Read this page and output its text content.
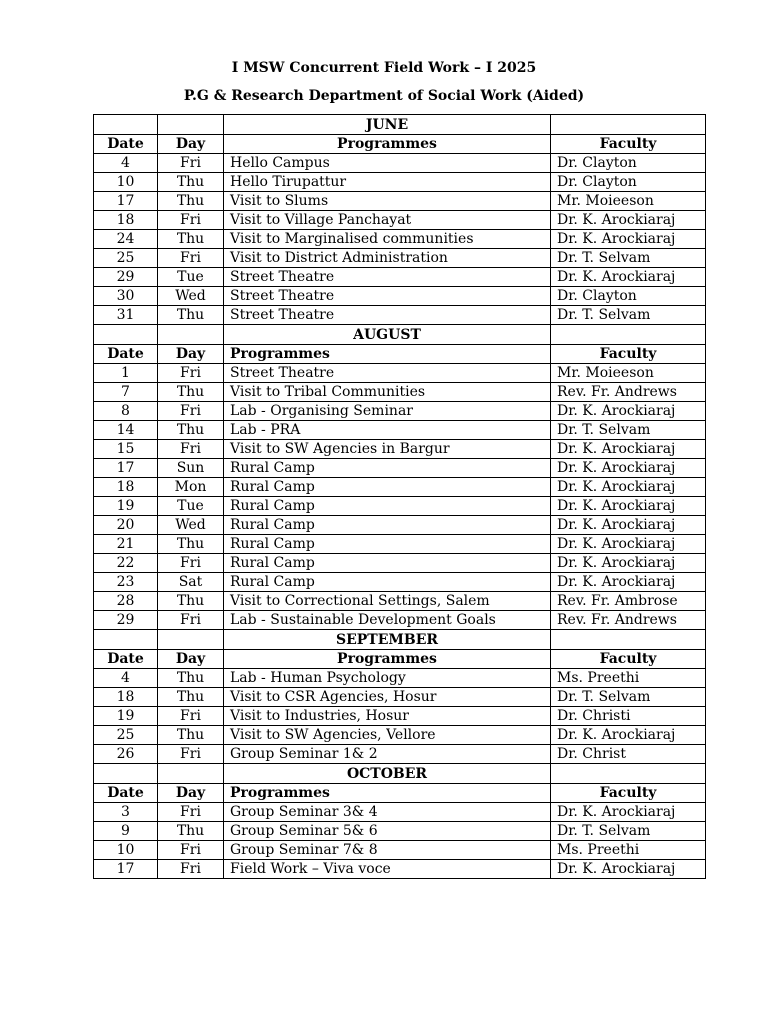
I MSW Concurrent Field Work – I 2025
P.G & Research Department of Social Work (Aided)
		JUNE	
Date	Day	Programmes	Faculty
4	Fri	Hello Campus	Dr. Clayton
10	Thu	Hello Tirupattur	Dr. Clayton
17	Thu	Visit to Slums	Mr. Moieeson
18	Fri	Visit to Village Panchayat	Dr. K. Arockiaraj
24	Thu	Visit to Marginalised communities	Dr. K. Arockiaraj
25	Fri	Visit to District Administration	Dr. T. Selvam
29	Tue	Street Theatre	Dr. K. Arockiaraj
30	Wed	Street Theatre	Dr. Clayton
31	Thu	Street Theatre	Dr. T. Selvam
		AUGUST	
Date	Day	Programmes	Faculty
1	Fri	Street Theatre	Mr. Moieeson
7	Thu	Visit to Tribal Communities	Rev. Fr. Andrews
8	Fri	Lab - Organising Seminar	Dr. K. Arockiaraj
14	Thu	Lab - PRA	Dr. T. Selvam
15	Fri	Visit to SW Agencies in Bargur	Dr. K. Arockiaraj
17	Sun	Rural Camp	Dr. K. Arockiaraj
18	Mon	Rural Camp	Dr. K. Arockiaraj
19	Tue	Rural Camp	Dr. K. Arockiaraj
20	Wed	Rural Camp	Dr. K. Arockiaraj
21	Thu	Rural Camp	Dr. K. Arockiaraj
22	Fri	Rural Camp	Dr. K. Arockiaraj
23	Sat	Rural Camp	Dr. K. Arockiaraj
28	Thu	Visit to Correctional Settings, Salem	Rev. Fr. Ambrose
29	Fri	Lab - Sustainable Development Goals	Rev. Fr. Andrews
		SEPTEMBER	
Date	Day	Programmes	Faculty
4	Thu	Lab - Human Psychology	Ms. Preethi
18	Thu	Visit to CSR Agencies, Hosur	Dr. T. Selvam
19	Fri	Visit to Industries, Hosur	Dr. Christi
25	Thu	Visit to SW Agencies, Vellore	Dr. K. Arockiaraj
26	Fri	Group Seminar 1& 2	Dr. Christ
		OCTOBER	
Date	Day	Programmes	Faculty
3	Fri	Group Seminar 3& 4	Dr. K. Arockiaraj
9	Thu	Group Seminar 5& 6	Dr. T. Selvam
10	Fri	Group Seminar 7& 8	Ms. Preethi
17	Fri	Field Work – Viva voce	Dr. K. Arockiaraj
